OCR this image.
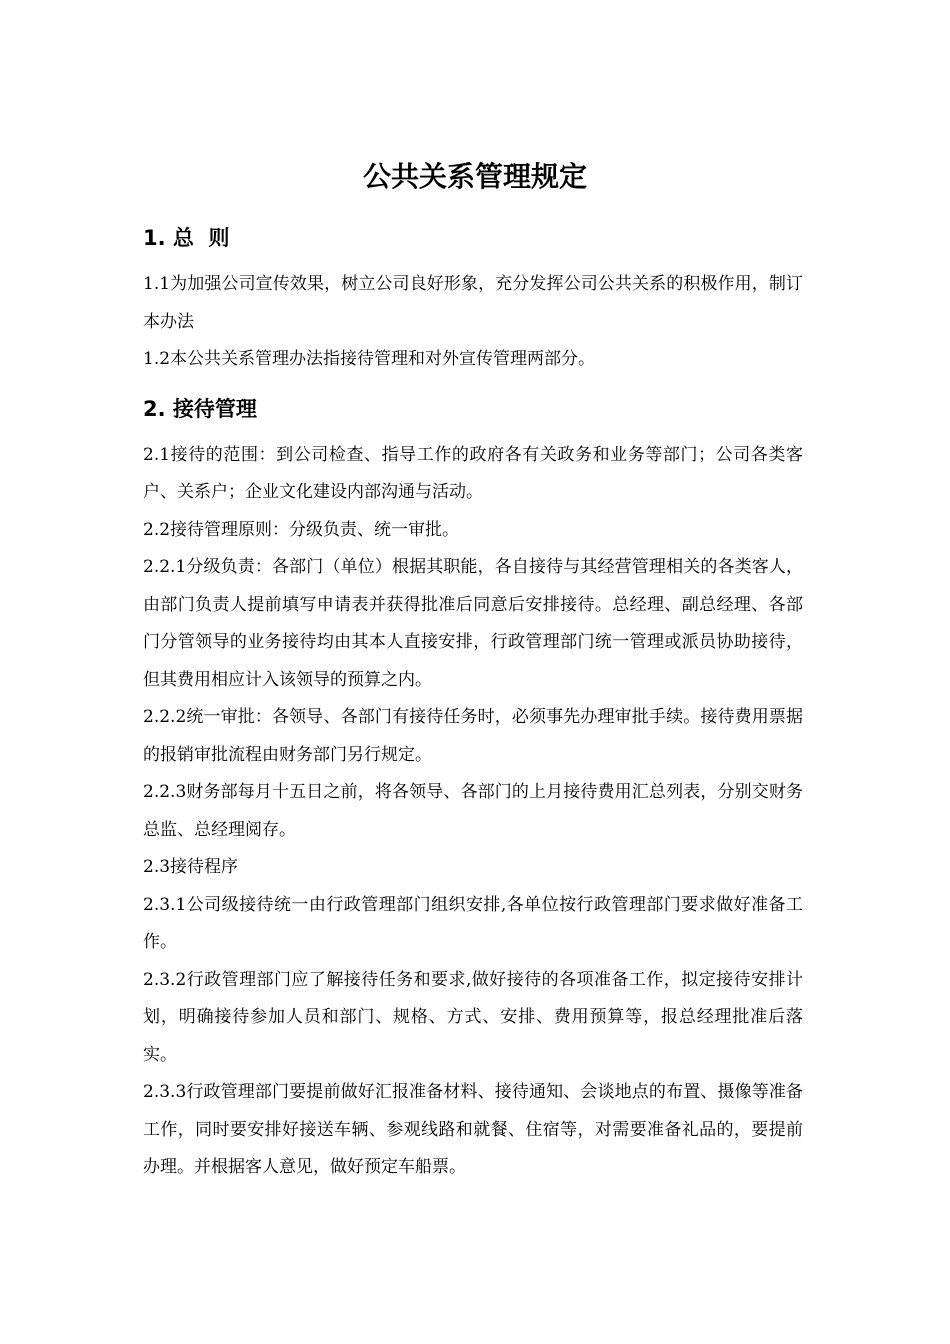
公共关系管理规定
1. 总  则

1.1为加强公司宣传效果，树立公司良好形象，充分发挥公司公共关系的积极作用，制订本办法

1.2本公共关系管理办法指接待管理和对外宣传管理两部分。

2. 接待管理

2.1接待的范围：到公司检查、指导工作的政府各有关政务和业务等部门；公司各类客户、关系户；企业文化建设内部沟通与活动。

2.2接待管理原则：分级负责、统一审批。

2.2.1分级负责：各部门（单位）根据其职能，各自接待与其经营管理相关的各类客人，由部门负责人提前填写申请表并获得批准后同意后安排接待。总经理、副总经理、各部门分管领导的业务接待均由其本人直接安排，行政管理部门统一管理或派员协助接待，但其费用相应计入该领导的预算之内。

2.2.2统一审批：各领导、各部门有接待任务时，必须事先办理审批手续。接待费用票据的报销审批流程由财务部门另行规定。

2.2.3财务部每月十五日之前，将各领导、各部门的上月接待费用汇总列表，分别交财务总监、总经理阅存。

2.3接待程序

2.3.1公司级接待统一由行政管理部门组织安排,各单位按行政管理部门要求做好准备工作。

2.3.2行政管理部门应了解接待任务和要求,做好接待的各项准备工作，拟定接待安排计划，明确接待参加人员和部门、规格、方式、安排、费用预算等，报总经理批准后落实。

2.3.3行政管理部门要提前做好汇报准备材料、接待通知、会谈地点的布置、摄像等准备工作，同时要安排好接送车辆、参观线路和就餐、住宿等，对需要准备礼品的，要提前办理。并根据客人意见，做好预定车船票。
